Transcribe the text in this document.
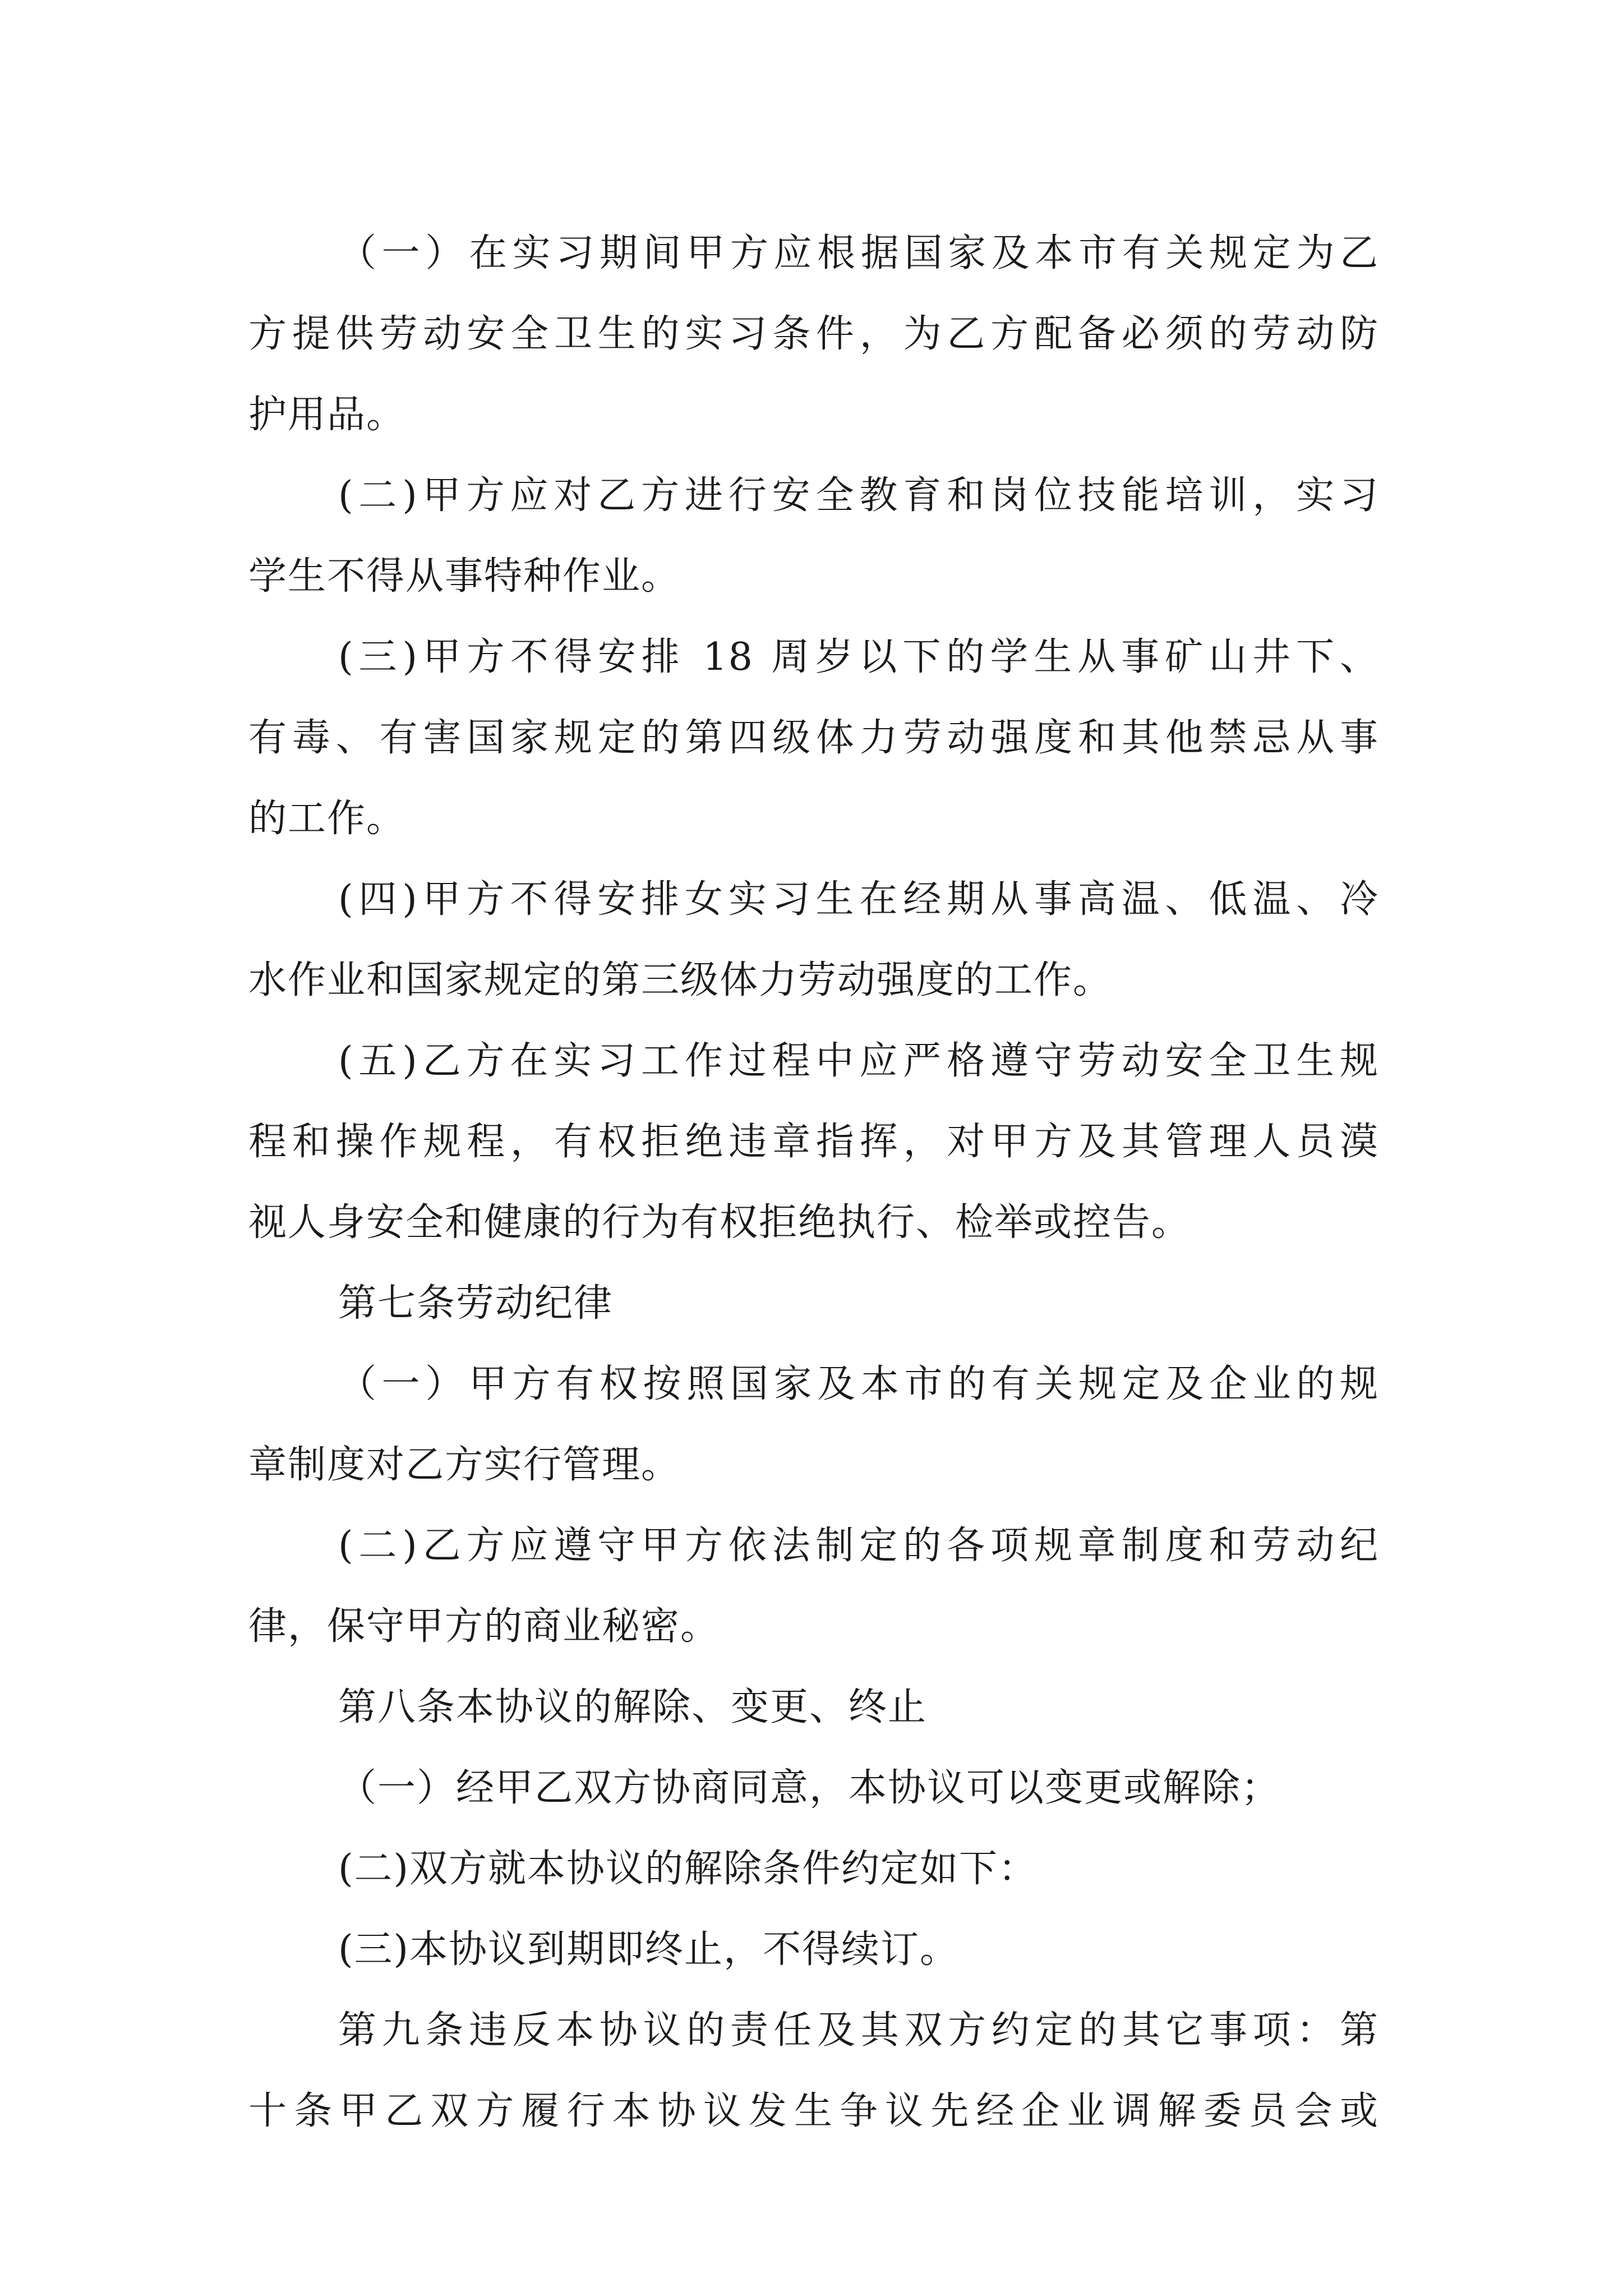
（一）在实习期间甲方应根据国家及本市有关规定为乙
方提供劳动安全卫生的实习条件，为乙方配备必须的劳动防
护用品。
(二)甲方应对乙方进行安全教育和岗位技能培训，实习
学生不得从事特种作业。
(三)甲方不得安排 18 周岁以下的学生从事矿山井下、
有毒、有害国家规定的第四级体力劳动强度和其他禁忌从事
的工作。
(四)甲方不得安排女实习生在经期从事高温、低温、冷
水作业和国家规定的第三级体力劳动强度的工作。
(五)乙方在实习工作过程中应严格遵守劳动安全卫生规
程和操作规程，有权拒绝违章指挥，对甲方及其管理人员漠
视人身安全和健康的行为有权拒绝执行、检举或控告。
第七条劳动纪律
（一）甲方有权按照国家及本市的有关规定及企业的规
章制度对乙方实行管理。
(二)乙方应遵守甲方依法制定的各项规章制度和劳动纪
律，保守甲方的商业秘密。
第八条本协议的解除、变更、终止
（一）经甲乙双方协商同意，本协议可以变更或解除；
(二)双方就本协议的解除条件约定如下：
(三)本协议到期即终止，不得续订。
第九条违反本协议的责任及其双方约定的其它事项：第
十条甲乙双方履行本协议发生争议先经企业调解委员会或
